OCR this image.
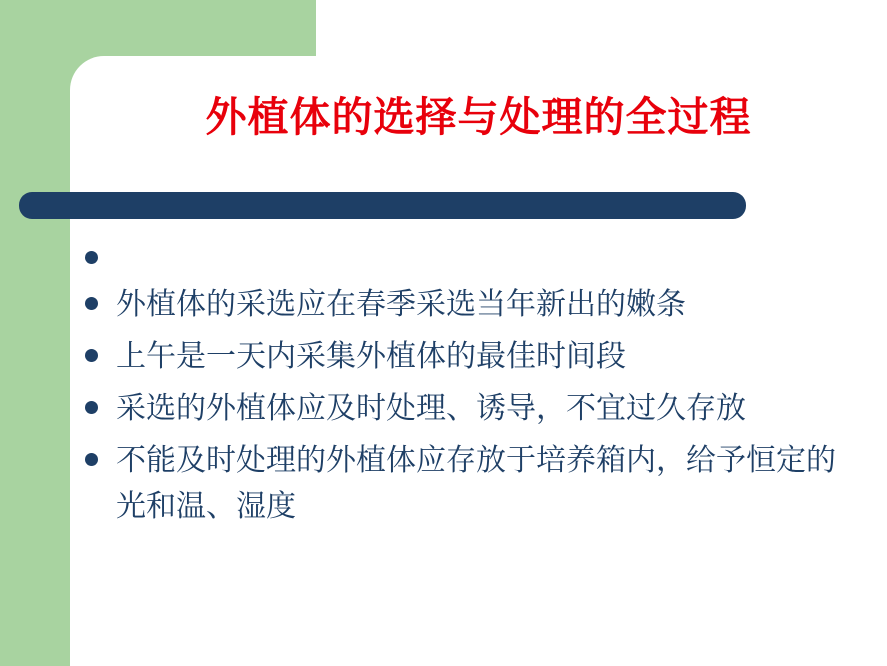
外植体的选择与处理的全过程
外植体的采选应在春季采选当年新出的嫩条
上午是一天内采集外植体的最佳时间段
采选的外植体应及时处理、诱导，不宜过久存放
不能及时处理的外植体应存放于培养箱内，给予恒定的光和温、湿度
